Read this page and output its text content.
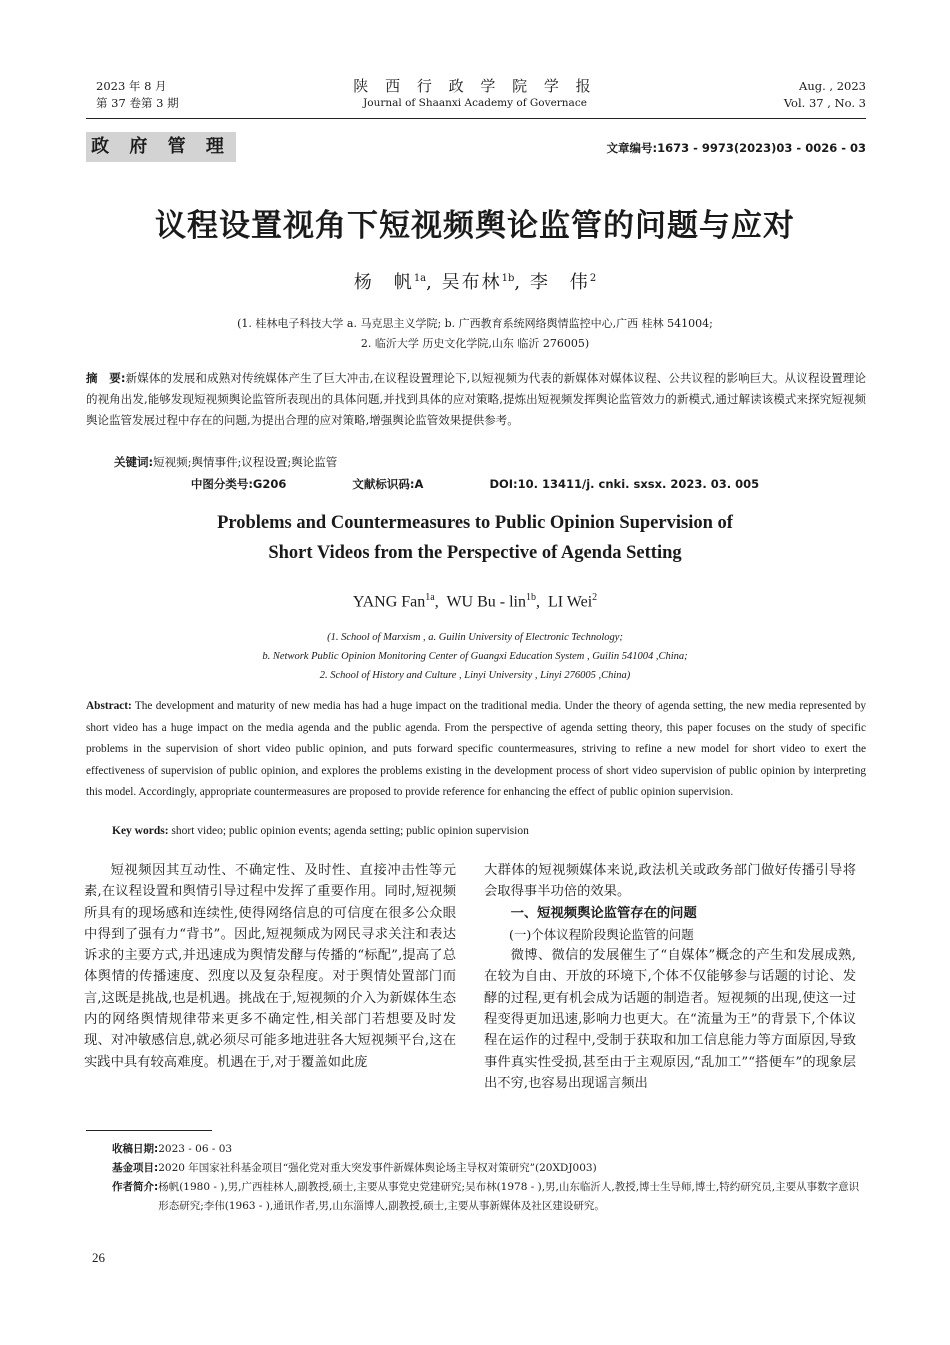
2023 年 8 月
第 37 卷第 3 期
陕 西 行 政 学 院 学 报
Journal of Shaanxi Academy of Governace
Aug. , 2023
Vol. 37 , No. 3
政 府 管 理	文章编号:1673 - 9973(2023)03 - 0026 - 03
议程设置视角下短视频舆论监管的问题与应对
杨　帆$^{1a}$, 吴布林$^{1b}$, 李　伟$^2$
(1. 桂林电子科技大学 a. 马克思主义学院; b. 广西教育系统网络舆情监控中心,广西 桂林 541004;
2. 临沂大学 历史文化学院,山东 临沂 276005)
摘　要:新媒体的发展和成熟对传统媒体产生了巨大冲击,在议程设置理论下,以短视频为代表的新媒体对媒体议程、公共议程的影响巨大。从议程设置理论的视角出发,能够发现短视频舆论监管所表现出的具体问题,并找到具体的应对策略,提炼出短视频发挥舆论监管效力的新模式,通过解读该模式来探究短视频舆论监管发展过程中存在的问题,为提出合理的应对策略,增强舆论监管效果提供参考。
关键词:短视频;舆情事件;议程设置;舆论监管
中图分类号:G206	文献标识码:A	DOI:10. 13411/j. cnki. sxsx. 2023. 03. 005
Problems and Countermeasures to Public Opinion Supervision of
Short Videos from the Perspective of Agenda Setting
YANG Fan$^{1a}$,  WU Bu - lin$^{1b}$,  LI Wei$^2$
(1. School of Marxism , a. Guilin University of Electronic Technology;
b. Network Public Opinion Monitoring Center of Guangxi Education System , Guilin 541004 ,China;
2. School of History and Culture , Linyi University , Linyi 276005 ,China)
Abstract: The development and maturity of new media has had a huge impact on the traditional media. Under the theory of agenda setting, the new media represented by short video has a huge impact on the media agenda and the public agenda. From the perspective of agenda setting theory, this paper focuses on the study of specific problems in the supervision of short video public opinion, and puts forward specific countermeasures, striving to refine a new model for short video to exert the effectiveness of supervision of public opinion, and explores the problems existing in the development process of short video supervision of public opinion by interpreting this model. Accordingly, appropriate countermeasures are proposed to provide reference for enhancing the effect of public opinion supervision.
Key words: short video; public opinion events; agenda setting; public opinion supervision

短视频因其互动性、不确定性、及时性、直接冲击性等元素,在议程设置和舆情引导过程中发挥了重要作用。同时,短视频所具有的现场感和连续性,使得网络信息的可信度在很多公众眼中得到了强有力“背书”。因此,短视频成为网民寻求关注和表达诉求的主要方式,并迅速成为舆情发酵与传播的“标配”,提高了总体舆情的传播速度、烈度以及复杂程度。对于舆情处置部门而言,这既是挑战,也是机遇。挑战在于,短视频的介入为新媒体生态内的网络舆情规律带来更多不确定性,相关部门若想要及时发现、对冲敏感信息,就必须尽可能多地进驻各大短视频平台,这在实践中具有较高难度。机遇在于,对于覆盖如此庞

大群体的短视频媒体来说,政法机关或政务部门做好传播引导将会取得事半功倍的效果。

一、短视频舆论监管存在的问题
(一)个体议程阶段舆论监管的问题

微博、微信的发展催生了“自媒体”概念的产生和发展成熟,在较为自由、开放的环境下,个体不仅能够参与话题的讨论、发酵的过程,更有机会成为话题的制造者。短视频的出现,使这一过程变得更加迅速,影响力也更大。在“流量为王”的背景下,个体议程在运作的过程中,受制于获取和加工信息能力等方面原因,导致事件真实性受损,甚至由于主观原因,“乱加工”“搭便车”的现象层出不穷,也容易出现谣言频出

收稿日期: 2023 - 06 - 03
基金项目: 2020 年国家社科基金项目“强化党对重大突发事件新媒体舆论场主导权对策研究”(20XDJ003)
作者简介: 杨帆(1980 - ),男,广西桂林人,副教授,硕士,主要从事党史党建研究;吴布林(1978 - ),男,山东临沂人,教授,博士生导师,博士,特约研究员,主要从事数字意识形态研究;李伟(1963 - ),通讯作者,男,山东淄博人,副教授,硕士,主要从事新媒体及社区建设研究。
26
